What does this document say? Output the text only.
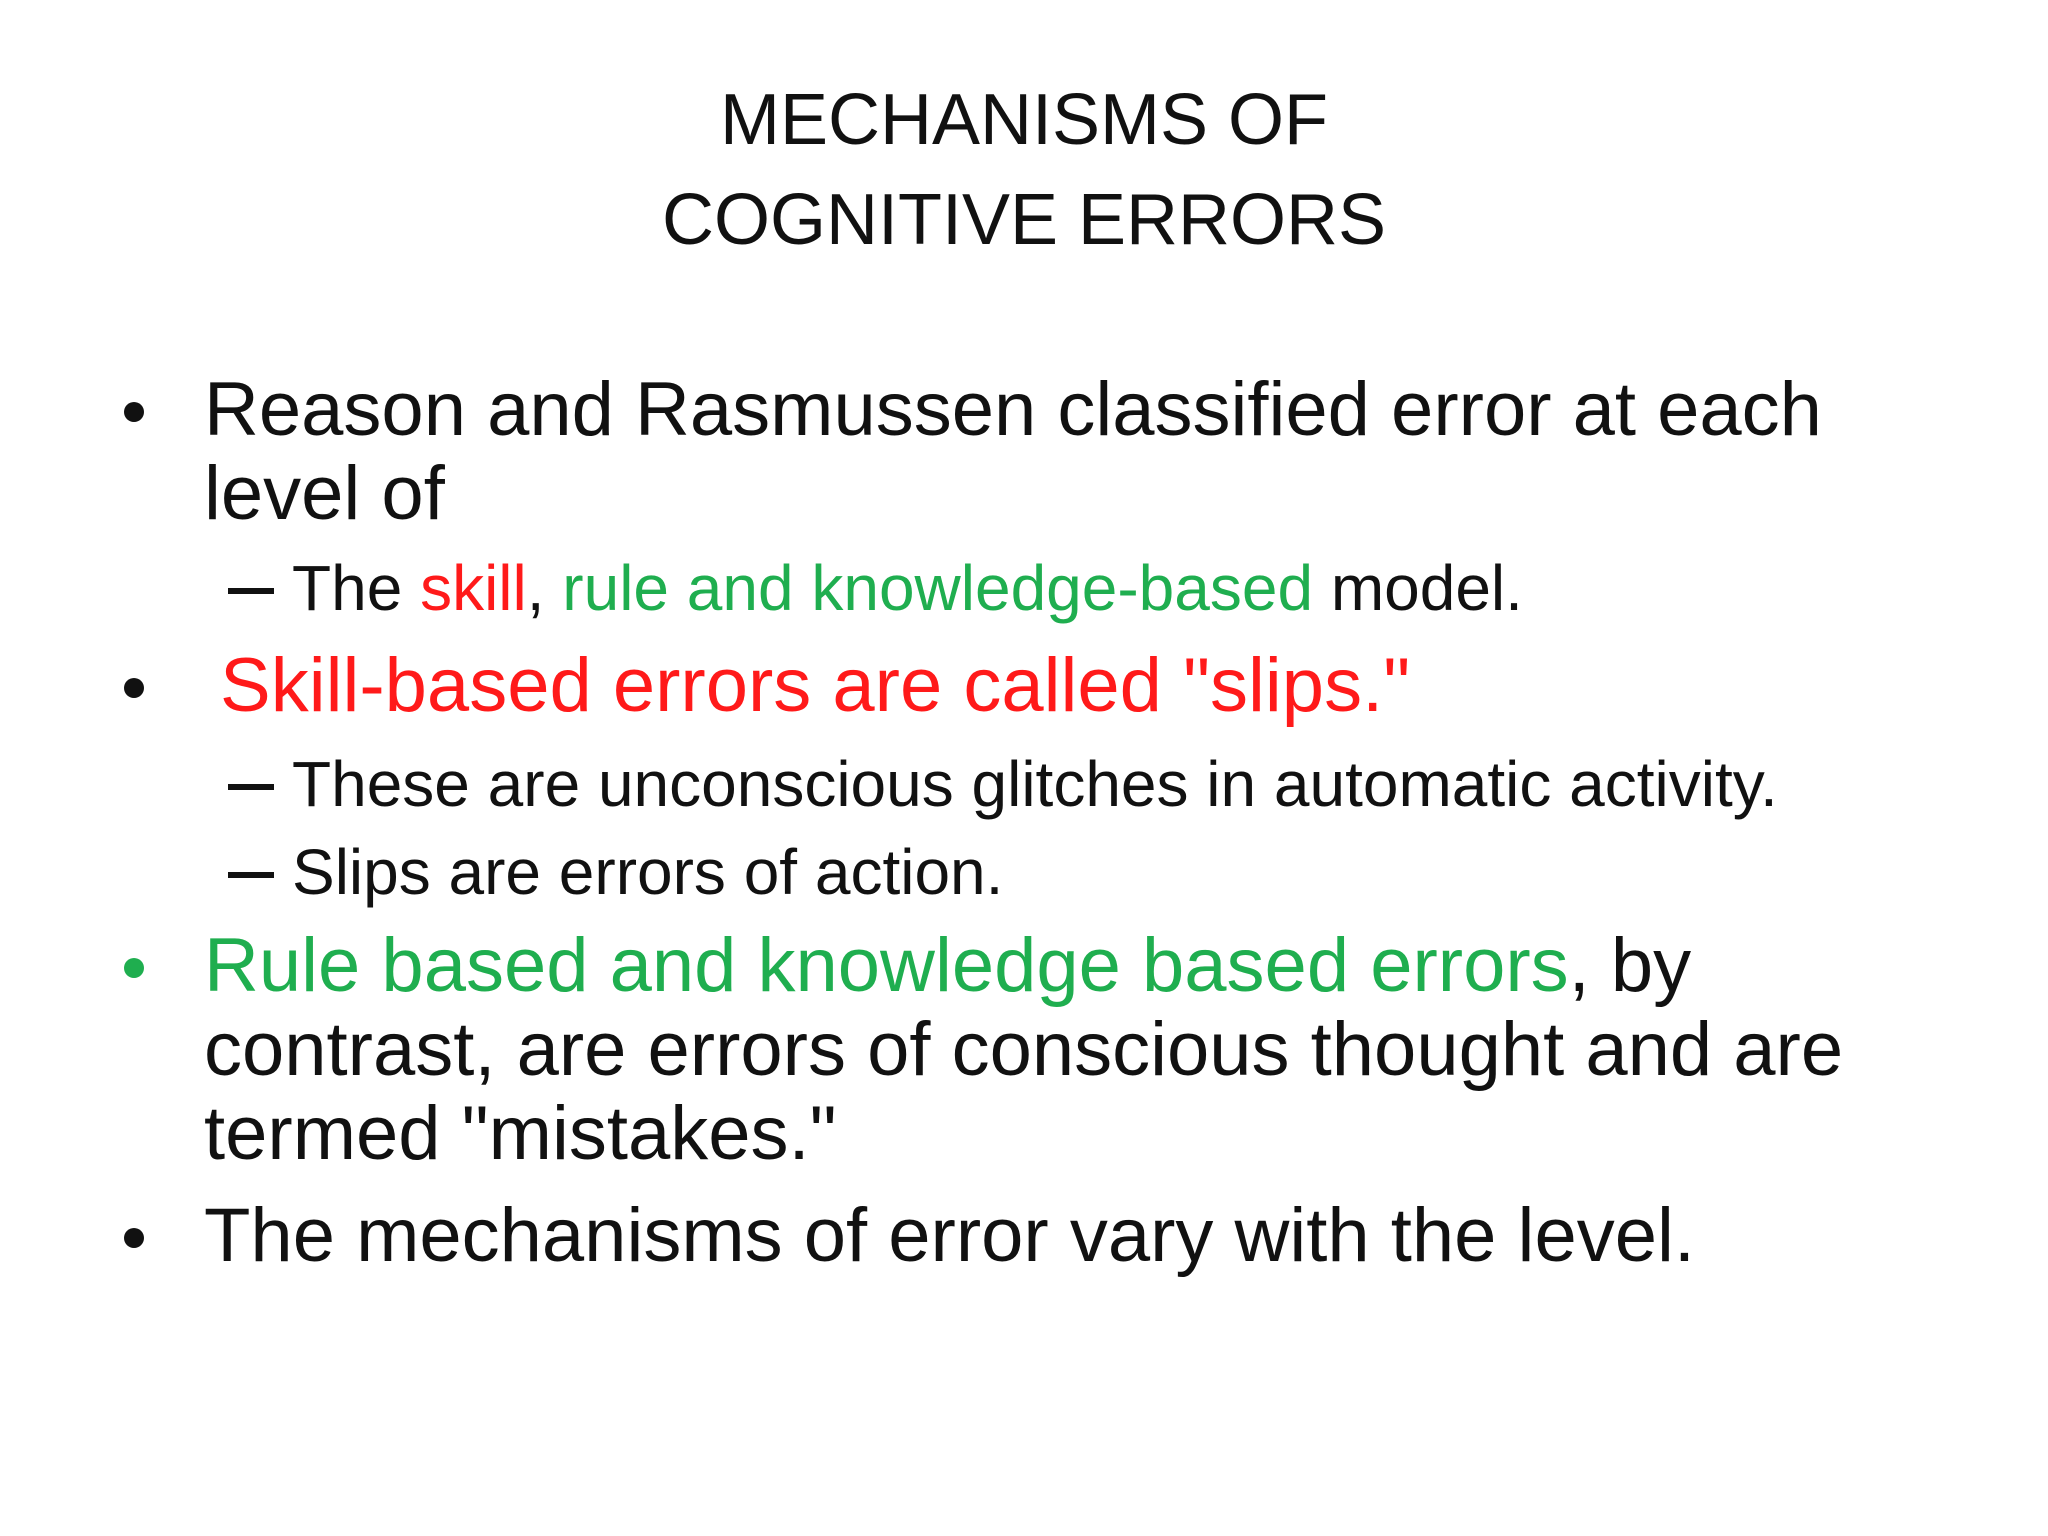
MECHANISMS OF
COGNITIVE ERRORS
Reason and Rasmussen classified error at each
level of
The skill, rule and knowledge-based model.
Skill-based errors are called "slips."
These are unconscious glitches in automatic activity.
Slips are errors of action.
Rule based and knowledge based errors, by
contrast, are errors of conscious thought and are
termed "mistakes."
The mechanisms of error vary with the level.
